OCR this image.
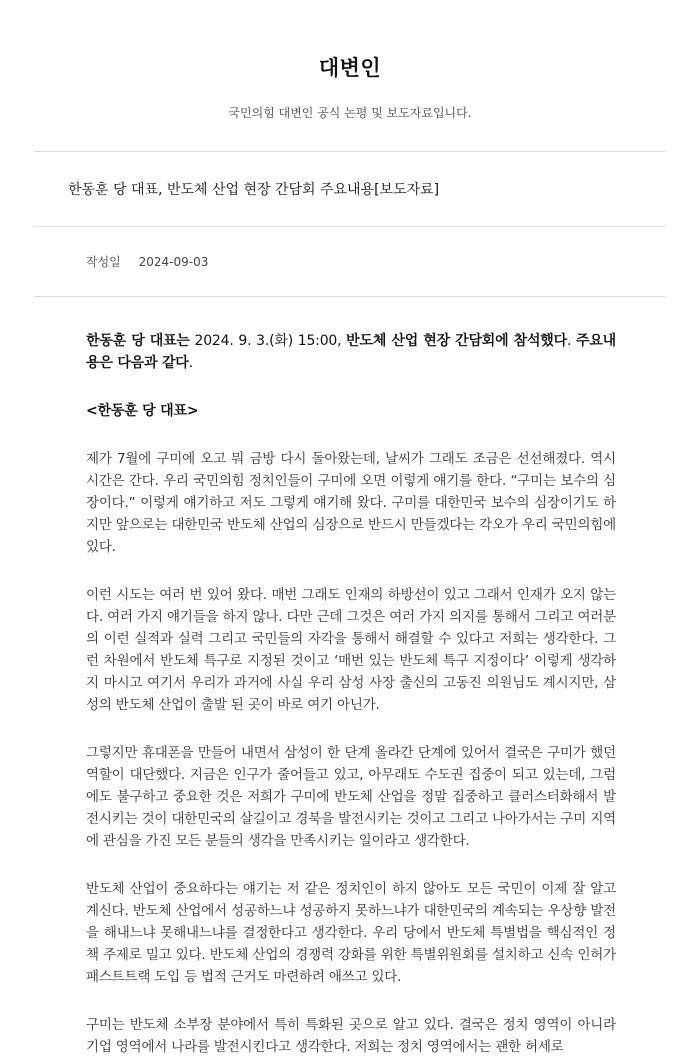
대변인
국민의힘 대변인 공식 논평 및 보도자료입니다.
한동훈 당 대표, 반도체 산업 현장 간담회 주요내용[보도자료]
작성일 2024-09-03

한동훈 당 대표는 2024. 9. 3.(화) 15:00, 반도체 산업 현장 간담회에 참석했다. 주요내용은 다음과 같다.

<한동훈 당 대표>

제가 7월에 구미에 오고 뭐 금방 다시 돌아왔는데, 날씨가 그래도 조금은 선선해졌다. 역시 시간은 간다. 우리 국민의힘 정치인들이 구미에 오면 이렇게 얘기를 한다. “구미는 보수의 심장이다.” 이렇게 얘기하고 저도 그렇게 얘기해 왔다. 구미를 대한민국 보수의 심장이기도 하지만 앞으로는 대한민국 반도체 산업의 심장으로 반드시 만들겠다는 각오가 우리 국민의힘에 있다.

이런 시도는 여러 번 있어 왔다. 매번 그래도 인재의 하방선이 있고 그래서 인재가 오지 않는다. 여러 가지 얘기들을 하지 않나. 다만 근데 그것은 여러 가지 의지를 통해서 그리고 여러분의 이런 실적과 실력 그리고 국민들의 자각을 통해서 해결할 수 있다고 저희는 생각한다. 그런 차원에서 반도체 특구로 지정된 것이고 ‘매번 있는 반도체 특구 지정이다’ 이렇게 생각하지 마시고 여기서 우리가 과거에 사실 우리 삼성 사장 출신의 고동진 의원님도 계시지만, 삼성의 반도체 산업이 출발 된 곳이 바로 여기 아닌가.

그렇지만 휴대폰을 만들어 내면서 삼성이 한 단계 올라간 단계에 있어서 결국은 구미가 했던 역할이 대단했다. 지금은 인구가 줄어들고 있고, 아무래도 수도권 집중이 되고 있는데, 그럼에도 불구하고 중요한 것은 저희가 구미에 반도체 산업을 정말 집중하고 클러스터화해서 발전시키는 것이 대한민국의 살길이고 경북을 발전시키는 것이고 그리고 나아가서는 구미 지역에 관심을 가진 모든 분들의 생각을 만족시키는 일이라고 생각한다.

반도체 산업이 중요하다는 얘기는 저 같은 정치인이 하지 않아도 모든 국민이 이제 잘 알고 계신다. 반도체 산업에서 성공하느냐 성공하지 못하느냐가 대한민국의 계속되는 우상향 발전을 해내느냐 못해내느냐를 결정한다고 생각한다. 우리 당에서 반도체 특별법을 핵심적인 정책 주제로 밀고 있다. 반도체 산업의 경쟁력 강화를 위한 특별위원회를 설치하고 신속 인허가 패스트트랙 도입 등 법적 근거도 마련하려 애쓰고 있다.

구미는 반도체 소부장 분야에서 특히 특화된 곳으로 알고 있다. 결국은 정치 영역이 아니라 기업 영역에서 나라를 발전시킨다고 생각한다. 저희는 정치 영역에서는 괜한 허세로
